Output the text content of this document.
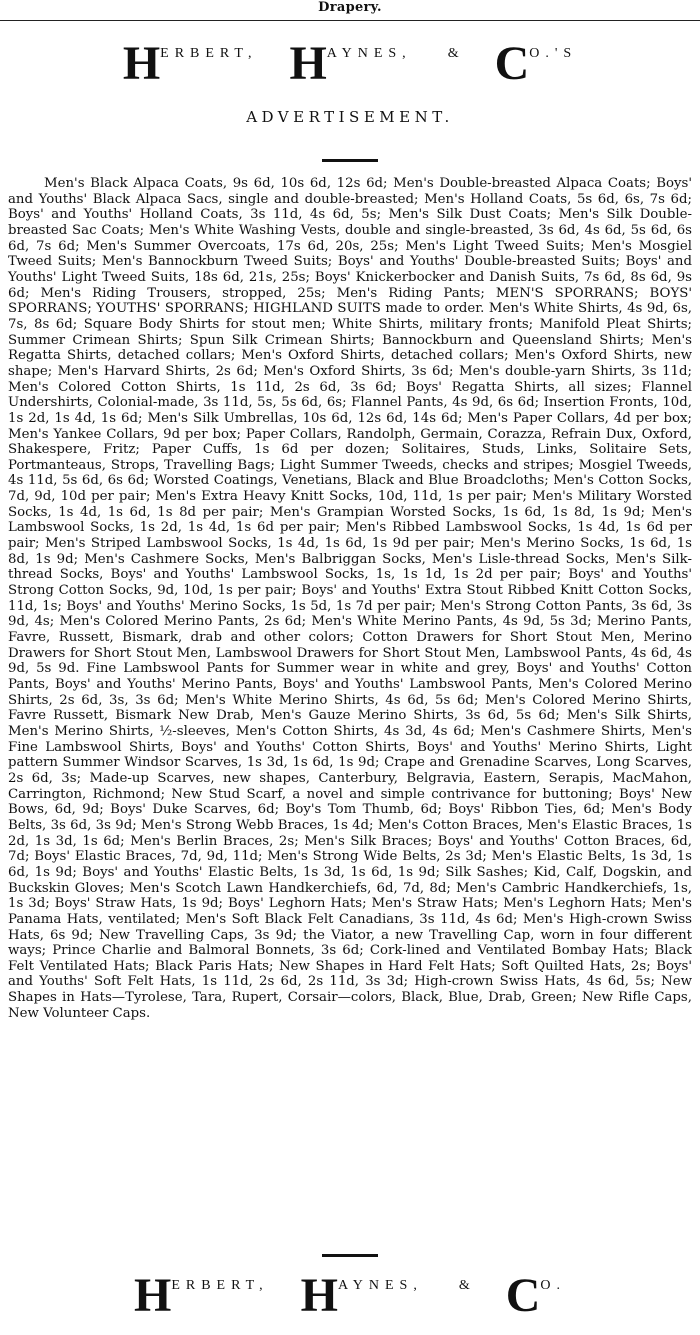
Drapery.
HERBERT, HAYNES,	& CO.'S
ADVERTISEMENT.

Men's Black Alpaca Coats, 9s 6d, 10s 6d, 12s 6d; Men's Double-breasted Alpaca Coats; Boys' and Youths' Black Alpaca Sacs, single and double-breasted; Men's Holland Coats, 5s 6d, 6s, 7s 6d; Boys' and Youths' Holland Coats, 3s 11d, 4s 6d, 5s; Men's Silk Dust Coats; Men's Silk Double-breasted Sac Coats; Men's White Washing Vests, double and single-breasted, 3s 6d, 4s 6d, 5s 6d, 6s 6d, 7s 6d; Men's Summer Overcoats, 17s 6d, 20s, 25s; Men's Light Tweed Suits; Men's Mosgiel Tweed Suits; Men's Bannockburn Tweed Suits; Boys' and Youths' Double-breasted Suits; Boys' and Youths' Light Tweed Suits, 18s 6d, 21s, 25s; Boys' Knickerbocker and Danish Suits, 7s 6d, 8s 6d, 9s 6d; Men's Riding Trousers, stropped, 25s; Men's Riding Pants; MEN'S SPORRANS; BOYS' SPORRANS; YOUTHS' SPORRANS; HIGHLAND SUITS made to order. Men's White Shirts, 4s 9d, 6s, 7s, 8s 6d; Square Body Shirts for stout men; White Shirts, military fronts; Manifold Pleat Shirts; Summer Crimean Shirts; Spun Silk Crimean Shirts; Bannockburn and Queensland Shirts; Men's Regatta Shirts, detached collars; Men's Oxford Shirts, detached collars; Men's Oxford Shirts, new shape; Men's Harvard Shirts, 2s 6d; Men's Oxford Shirts, 3s 6d; Men's double-yarn Shirts, 3s 11d; Men's Colored Cotton Shirts, 1s 11d, 2s 6d, 3s 6d; Boys' Regatta Shirts, all sizes; Flannel Undershirts, Colonial-made, 3s 11d, 5s, 5s 6d, 6s; Flannel Pants, 4s 9d, 6s 6d; Insertion Fronts, 10d, 1s 2d, 1s 4d, 1s 6d; Men's Silk Umbrellas, 10s 6d, 12s 6d, 14s 6d; Men's Paper Collars, 4d per box; Men's Yankee Collars, 9d per box; Paper Collars, Randolph, Germain, Corazza, Refrain Dux, Oxford, Shakespere, Fritz; Paper Cuffs, 1s 6d per dozen; Solitaires, Studs, Links, Solitaire Sets, Portmanteaus, Strops, Travelling Bags; Light Summer Tweeds, checks and stripes; Mosgiel Tweeds, 4s 11d, 5s 6d, 6s 6d; Worsted Coatings, Venetians, Black and Blue Broadcloths; Men's Cotton Socks, 7d, 9d, 10d per pair; Men's Extra Heavy Knitt Socks, 10d, 11d, 1s per pair; Men's Military Worsted Socks, 1s 4d, 1s 6d, 1s 8d per pair; Men's Grampian Worsted Socks, 1s 6d, 1s 8d, 1s 9d; Men's Lambswool Socks, 1s 2d, 1s 4d, 1s 6d per pair; Men's Ribbed Lambswool Socks, 1s 4d, 1s 6d per pair; Men's Striped Lambswool Socks, 1s 4d, 1s 6d, 1s 9d per pair; Men's Merino Socks, 1s 6d, 1s 8d, 1s 9d; Men's Cashmere Socks, Men's Balbriggan Socks, Men's Lisle-thread Socks, Men's Silk-thread Socks, Boys' and Youths' Lambswool Socks, 1s, 1s 1d, 1s 2d per pair; Boys' and Youths' Strong Cotton Socks, 9d, 10d, 1s per pair; Boys' and Youths' Extra Stout Ribbed Knitt Cotton Socks, 11d, 1s; Boys' and Youths' Merino Socks, 1s 5d, 1s 7d per pair; Men's Strong Cotton Pants, 3s 6d, 3s 9d, 4s; Men's Colored Merino Pants, 2s 6d; Men's White Merino Pants, 4s 9d, 5s 3d; Merino Pants, Favre, Russett, Bismark, drab and other colors; Cotton Drawers for Short Stout Men, Merino Drawers for Short Stout Men, Lambswool Drawers for Short Stout Men, Lambswool Pants, 4s 6d, 4s 9d, 5s 9d. Fine Lambswool Pants for Summer wear in white and grey, Boys' and Youths' Cotton Pants, Boys' and Youths' Merino Pants, Boys' and Youths' Lambswool Pants, Men's Colored Merino Shirts, 2s 6d, 3s, 3s 6d; Men's White Merino Shirts, 4s 6d, 5s 6d; Men's Colored Merino Shirts, Favre Russett, Bismark New Drab, Men's Gauze Merino Shirts, 3s 6d, 5s 6d; Men's Silk Shirts, Men's Merino Shirts, ½-sleeves, Men's Cotton Shirts, 4s 3d, 4s 6d; Men's Cashmere Shirts, Men's Fine Lambswool Shirts, Boys' and Youths' Cotton Shirts, Boys' and Youths' Merino Shirts, Light pattern Summer Windsor Scarves, 1s 3d, 1s 6d, 1s 9d; Crape and Grenadine Scarves, Long Scarves, 2s 6d, 3s; Made-up Scarves, new shapes, Canterbury, Belgravia, Eastern, Serapis, MacMahon, Carrington, Richmond; New Stud Scarf, a novel and simple contrivance for buttoning; Boys' New Bows, 6d, 9d; Boys' Duke Scarves, 6d; Boy's Tom Thumb, 6d; Boys' Ribbon Ties, 6d; Men's Body Belts, 3s 6d, 3s 9d; Men's Strong Webb Braces, 1s 4d; Men's Cotton Braces, Men's Elastic Braces, 1s 2d, 1s 3d, 1s 6d; Men's Berlin Braces, 2s; Men's Silk Braces; Boys' and Youths' Cotton Braces, 6d, 7d; Boys' Elastic Braces, 7d, 9d, 11d; Men's Strong Wide Belts, 2s 3d; Men's Elastic Belts, 1s 3d, 1s 6d, 1s 9d; Boys' and Youths' Elastic Belts, 1s 3d, 1s 6d, 1s 9d; Silk Sashes; Kid, Calf, Dogskin, and Buckskin Gloves; Men's Scotch Lawn Handkerchiefs, 6d, 7d, 8d; Men's Cambric Handkerchiefs, 1s, 1s 3d; Boys' Straw Hats, 1s 9d; Boys' Leghorn Hats; Men's Straw Hats; Men's Leghorn Hats; Men's Panama Hats, ventilated; Men's Soft Black Felt Canadians, 3s 11d, 4s 6d; Men's High-crown Swiss Hats, 6s 9d; New Travelling Caps, 3s 9d; the Viator, a new Travelling Cap, worn in four different ways; Prince Charlie and Balmoral Bonnets, 3s 6d; Cork-lined and Ventilated Bombay Hats; Black Felt Ventilated Hats; Black Paris Hats; New Shapes in Hard Felt Hats; Soft Quilted Hats, 2s; Boys' and Youths' Soft Felt Hats, 1s 11d, 2s 6d, 2s 11d, 3s 3d; High-crown Swiss Hats, 4s 6d, 5s; New Shapes in Hats—Tyrolese, Tara, Rupert, Corsair—colors, Black, Blue, Drab, Green; New Rifle Caps, New Volunteer Caps.

HERBERT, HAYNES,	& CO.
